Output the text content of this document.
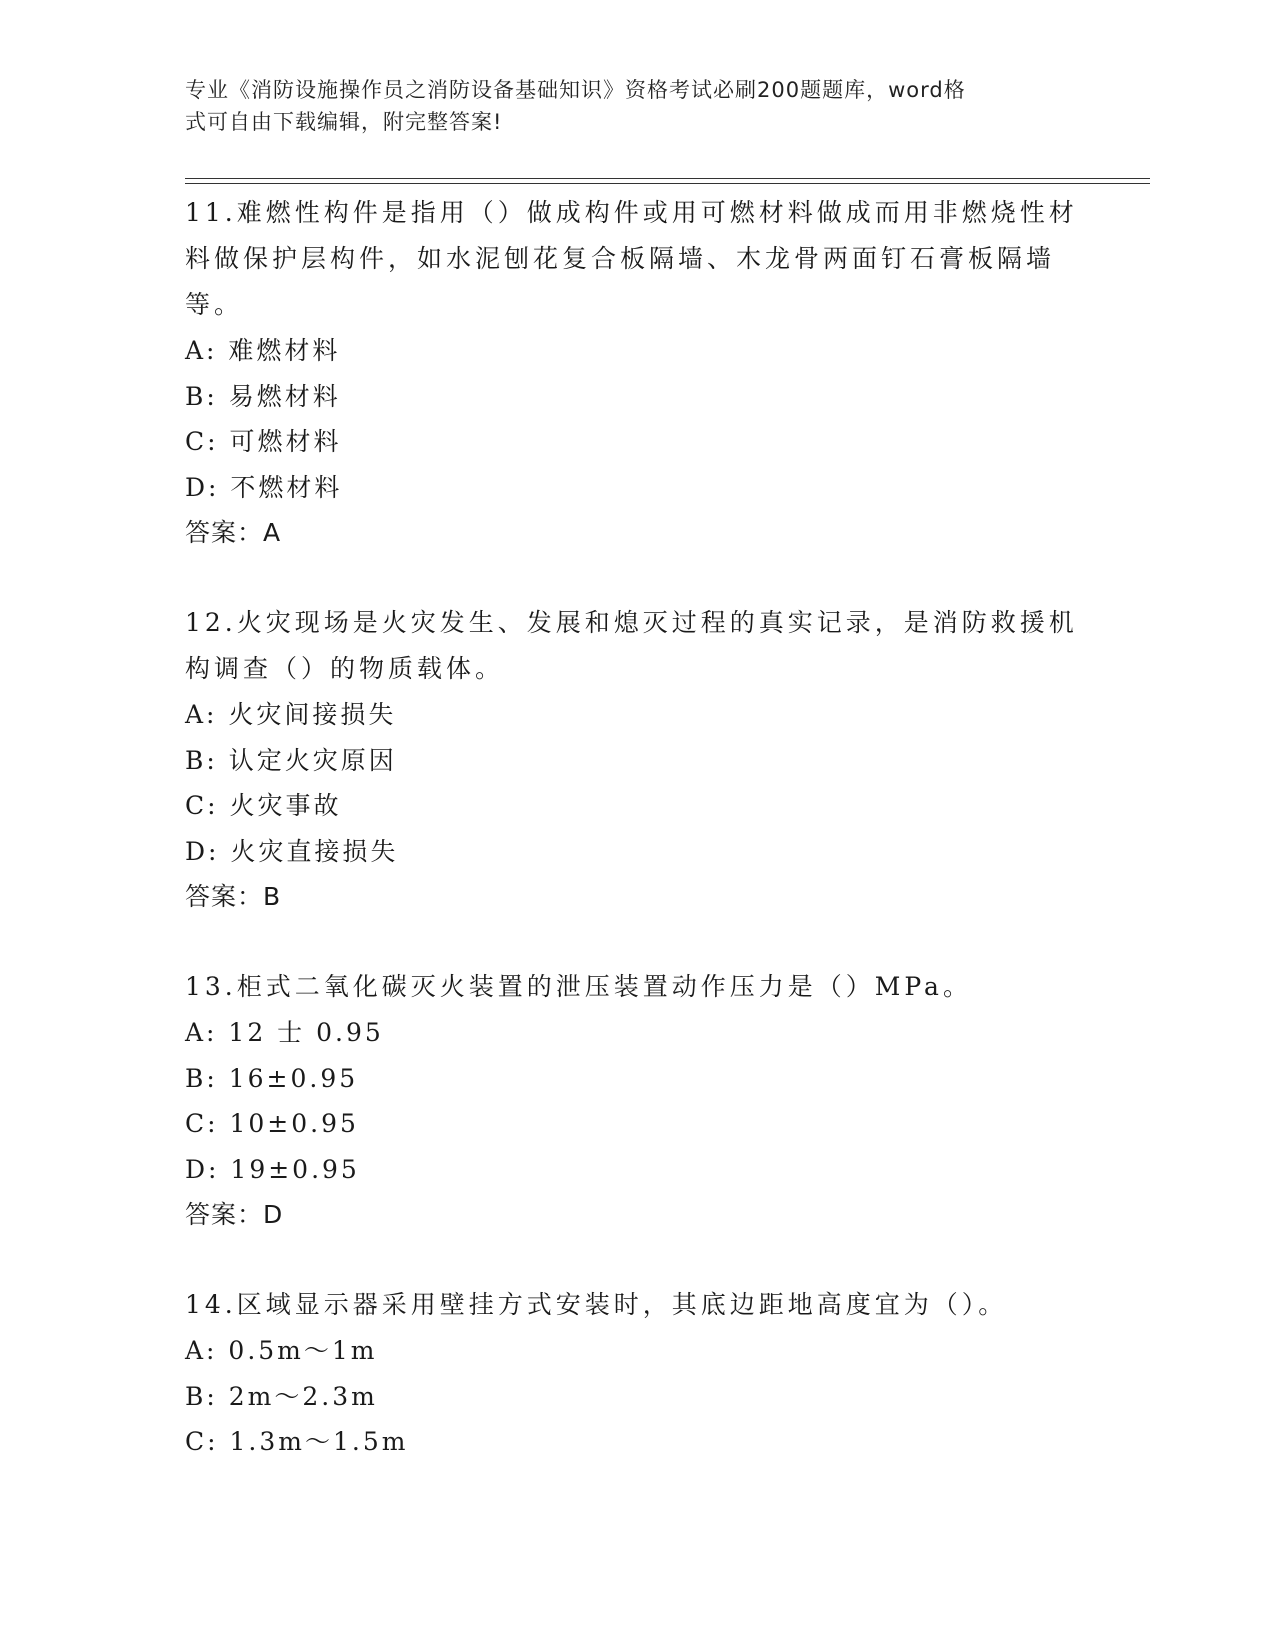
专业《消防设施操作员之消防设备基础知识》资格考试必刷200题题库，word格
式可自由下载编辑，附完整答案!

11.难燃性构件是指用（）做成构件或用可燃材料做成而用非燃烧性材

料做保护层构件，如水泥刨花复合板隔墙、木龙骨两面钉石膏板隔墙

等。

A: 难燃材料

B: 易燃材料

C: 可燃材料

D: 不燃材料

答案：A

12.火灾现场是火灾发生、发展和熄灭过程的真实记录，是消防救援机

构调查（）的物质载体。

A: 火灾间接损失

B: 认定火灾原因

C: 火灾事故

D: 火灾直接损失

答案：B

13.柜式二氧化碳灭火装置的泄压装置动作压力是（）MPa。

A: 12 士 0.95

B: 16±0.95

C: 10±0.95

D: 19±0.95

答案：D

14.区域显示器采用壁挂方式安装时，其底边距地高度宜为（）。

A: 0.5m～1m

B: 2m～2.3m

C: 1.3m～1.5m
